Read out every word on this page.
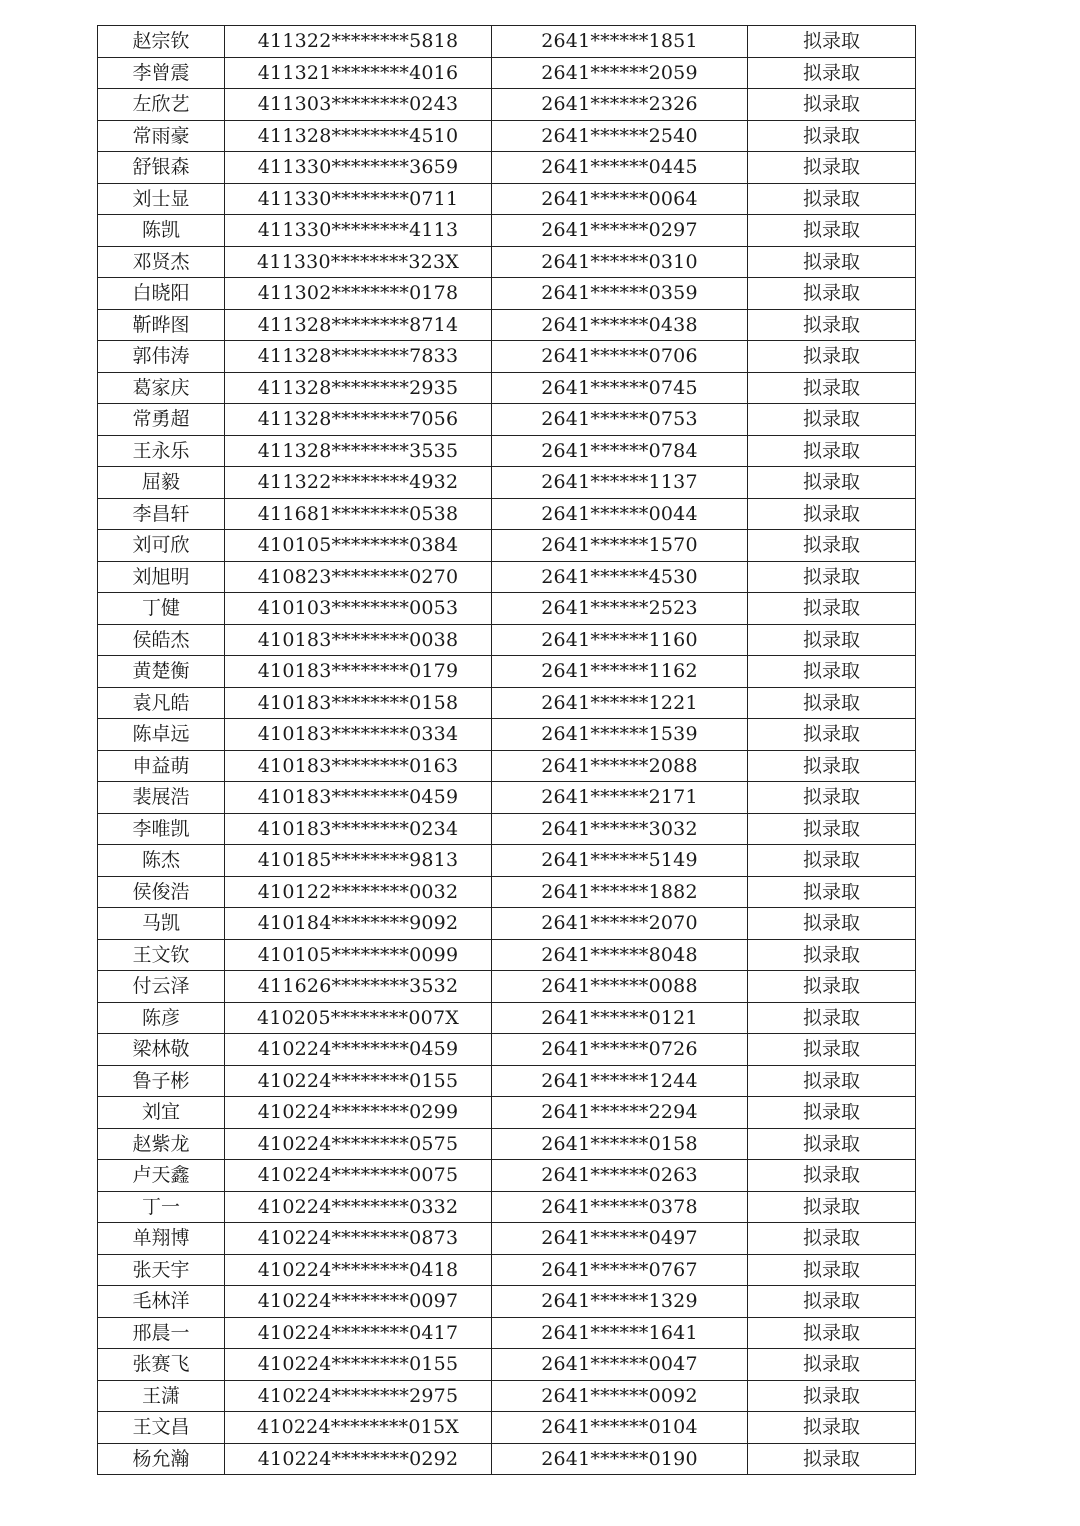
赵宗钦	411322********5818	2641******1851	拟录取
李曾震	411321********4016	2641******2059	拟录取
左欣艺	411303********0243	2641******2326	拟录取
常雨豪	411328********4510	2641******2540	拟录取
舒银森	411330********3659	2641******0445	拟录取
刘士显	411330********0711	2641******0064	拟录取
陈凯	411330********4113	2641******0297	拟录取
邓贤杰	411330********323X	2641******0310	拟录取
白晓阳	411302********0178	2641******0359	拟录取
靳晔图	411328********8714	2641******0438	拟录取
郭伟涛	411328********7833	2641******0706	拟录取
葛家庆	411328********2935	2641******0745	拟录取
常勇超	411328********7056	2641******0753	拟录取
王永乐	411328********3535	2641******0784	拟录取
屈毅	411322********4932	2641******1137	拟录取
李昌轩	411681********0538	2641******0044	拟录取
刘可欣	410105********0384	2641******1570	拟录取
刘旭明	410823********0270	2641******4530	拟录取
丁健	410103********0053	2641******2523	拟录取
侯皓杰	410183********0038	2641******1160	拟录取
黄楚衡	410183********0179	2641******1162	拟录取
袁凡皓	410183********0158	2641******1221	拟录取
陈卓远	410183********0334	2641******1539	拟录取
申益萌	410183********0163	2641******2088	拟录取
裴展浩	410183********0459	2641******2171	拟录取
李唯凯	410183********0234	2641******3032	拟录取
陈杰	410185********9813	2641******5149	拟录取
侯俊浩	410122********0032	2641******1882	拟录取
马凯	410184********9092	2641******2070	拟录取
王文钦	410105********0099	2641******8048	拟录取
付云泽	411626********3532	2641******0088	拟录取
陈彦	410205********007X	2641******0121	拟录取
梁林敬	410224********0459	2641******0726	拟录取
鲁子彬	410224********0155	2641******1244	拟录取
刘宜	410224********0299	2641******2294	拟录取
赵紫龙	410224********0575	2641******0158	拟录取
卢天鑫	410224********0075	2641******0263	拟录取
丁一	410224********0332	2641******0378	拟录取
单翔博	410224********0873	2641******0497	拟录取
张天宇	410224********0418	2641******0767	拟录取
毛林洋	410224********0097	2641******1329	拟录取
邢晨一	410224********0417	2641******1641	拟录取
张赛飞	410224********0155	2641******0047	拟录取
王潇	410224********2975	2641******0092	拟录取
王文昌	410224********015X	2641******0104	拟录取
杨允瀚	410224********0292	2641******0190	拟录取
